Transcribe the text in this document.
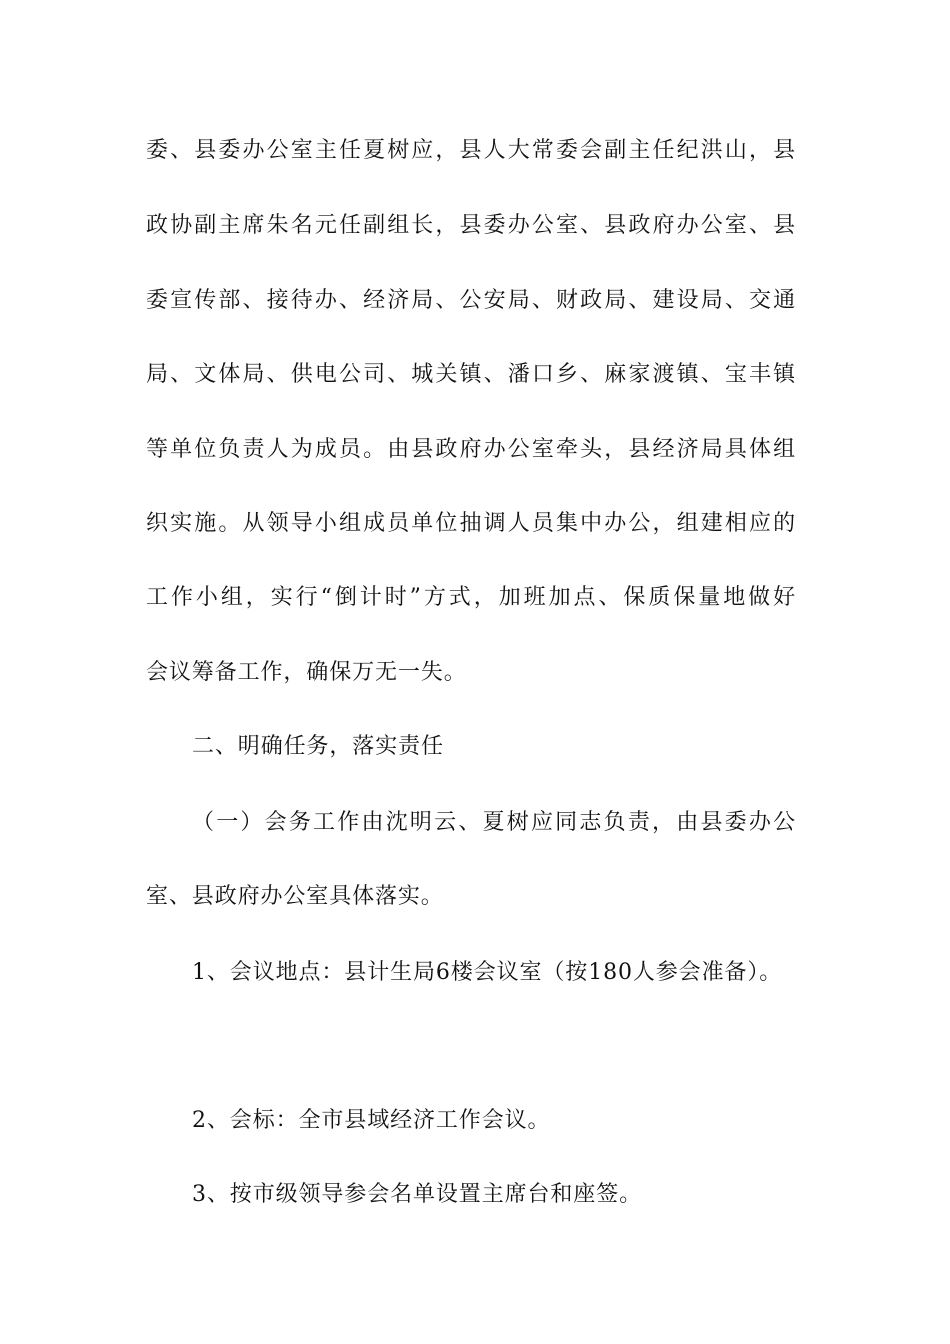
委、县委办公室主任夏树应，县人大常委会副主任纪洪山，县
政协副主席朱名元任副组长，县委办公室、县政府办公室、县
委宣传部、接待办、经济局、公安局、财政局、建设局、交通
局、文体局、供电公司、城关镇、潘口乡、麻家渡镇、宝丰镇
等单位负责人为成员。由县政府办公室牵头，县经济局具体组
织实施。从领导小组成员单位抽调人员集中办公，组建相应的
工作小组，实行“倒计时”方式，加班加点、保质保量地做好
会议筹备工作，确保万无一失。
二、明确任务，落实责任
（一）会务工作由沈明云、夏树应同志负责，由县委办公
室、县政府办公室具体落实。
1、会议地点：县计生局6楼会议室（按180人参会准备）。
2、会标：全市县域经济工作会议。
3、按市级领导参会名单设置主席台和座签。
